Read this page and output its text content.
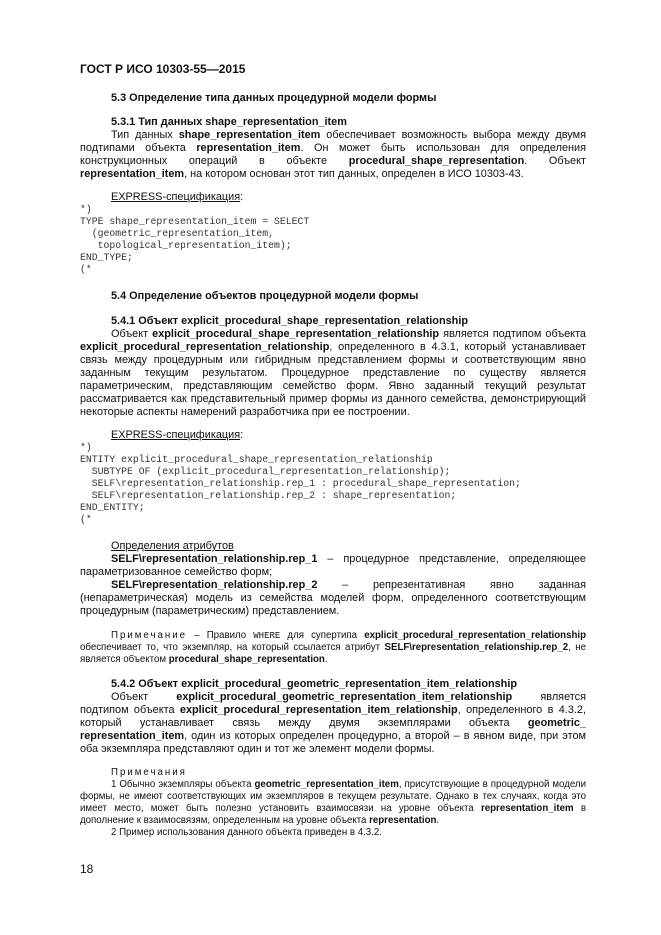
ГОСТ Р ИСО 10303-55—2015

5.3 Определение типа данных процедурной модели формы

5.3.1 Тип данных shape_representation_item

Тип данных shape_representation_item обеспечивает возможность выбора между двумя подтипами объекта representation_item. Он может быть использован для определения конструкционных операций в объекте procedural_shape_representation. Объект representation_item, на котором основан этот тип данных, определен в ИСО 10303-43.

EXPRESS-спецификация:

*)
TYPE shape_representation_item = SELECT
(geometric_representation_item,
topological_representation_item);
END_TYPE;
(*

5.4 Определение объектов процедурной модели формы

5.4.1 Объект explicit_procedural_shape_representation_relationship

Объект explicit_procedural_shape_representation_relationship является подтипом объекта explicit_procedural_representation_relationship, определенного в 4.3.1, который устанавливает связь между процедурным или гибридным представлением формы и соответствующим явно заданным текущим результатом. Процедурное представление по существу является параметрическим, представляющим семейство форм. Явно заданный текущий результат рассматривается как представительный пример формы из данного семейства, демонстрирующий некоторые аспекты намерений разработчика при ее построении.

EXPRESS-спецификация:

*)
ENTITY explicit_procedural_shape_representation_relationship
SUBTYPE OF (explicit_procedural_representation_relationship);
SELF\representation_relationship.rep_1 : procedural_shape_representation;
SELF\representation_relationship.rep_2 : shape_representation;
END_ENTITY;
(*

Определения атрибутов

SELF\representation_relationship.rep_1 – процедурное представление, определяющее параметризованное семейство форм;

SELF\representation_relationship.rep_2 – репрезентативная явно заданная (непараметрическая) модель из семейства моделей форм, определенного соответствующим процедурным (параметрическим) представлением.

Примечание – Правило WHERE для супертипа explicit_procedural_representation_relationship обеспечивает то, что экземпляр, на который ссылается атрибут SELF\representation_relationship.rep_2, не является объектом procedural_shape_representation.

5.4.2 Объект explicit_procedural_geometric_representation_item_relationship

Объект explicit_procedural_geometric_representation_item_relationship является подтипом объекта explicit_procedural_representation_item_relationship, определенного в 4.3.2, который устанавливает связь между двумя экземплярами объекта geometric_ representation_item, один из которых определен процедурно, а второй – в явном виде, при этом оба экземпляра представляют один и тот же элемент модели формы.

Примечания

1 Обычно экземпляры объекта geometric_representation_item, присутствующие в процедурной модели формы, не имеют соответствующих им экземпляров в текущем результате. Однако в тех случаях, когда это имеет место, может быть полезно установить взаимосвязи на уровне объекта representation_item в дополнение к взаимосвязям, определенным на уровне объекта representation.

2 Пример использования данного объекта приведен в 4.3.2.

18
